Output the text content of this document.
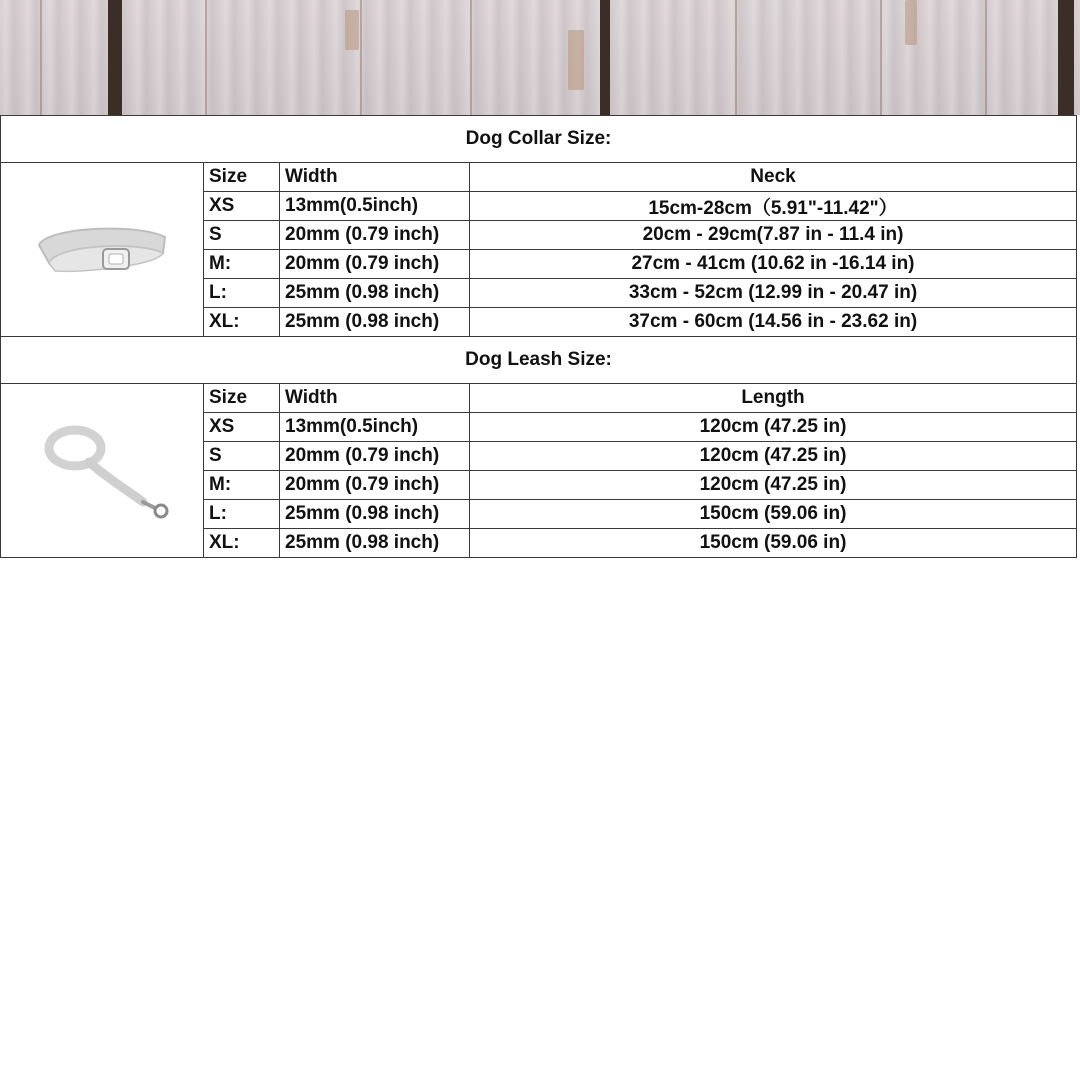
Dog Collar Size:			

	Size	Width	Neck
	XS	13mm(0.5inch)	15cm-28cm（5.91"-11.42"）
	S	20mm (0.79 inch)	20cm - 29cm(7.87 in - 11.4 in)
	M:	20mm (0.79 inch)	27cm - 41cm (10.62 in -16.14 in)
	L:	25mm (0.98 inch)	33cm - 52cm (12.99 in - 20.47 in)
	XL:	25mm (0.98 inch)	37cm - 60cm (14.56 in - 23.62 in)
Dog Leash Size:			

	Size	Width	Length
	XS	13mm(0.5inch)	120cm (47.25 in)
	S	20mm (0.79 inch)	120cm (47.25 in)
	M:	20mm (0.79 inch)	120cm (47.25 in)
	L:	25mm (0.98 inch)	150cm (59.06 in)
	XL:	25mm (0.98 inch)	150cm (59.06 in)
